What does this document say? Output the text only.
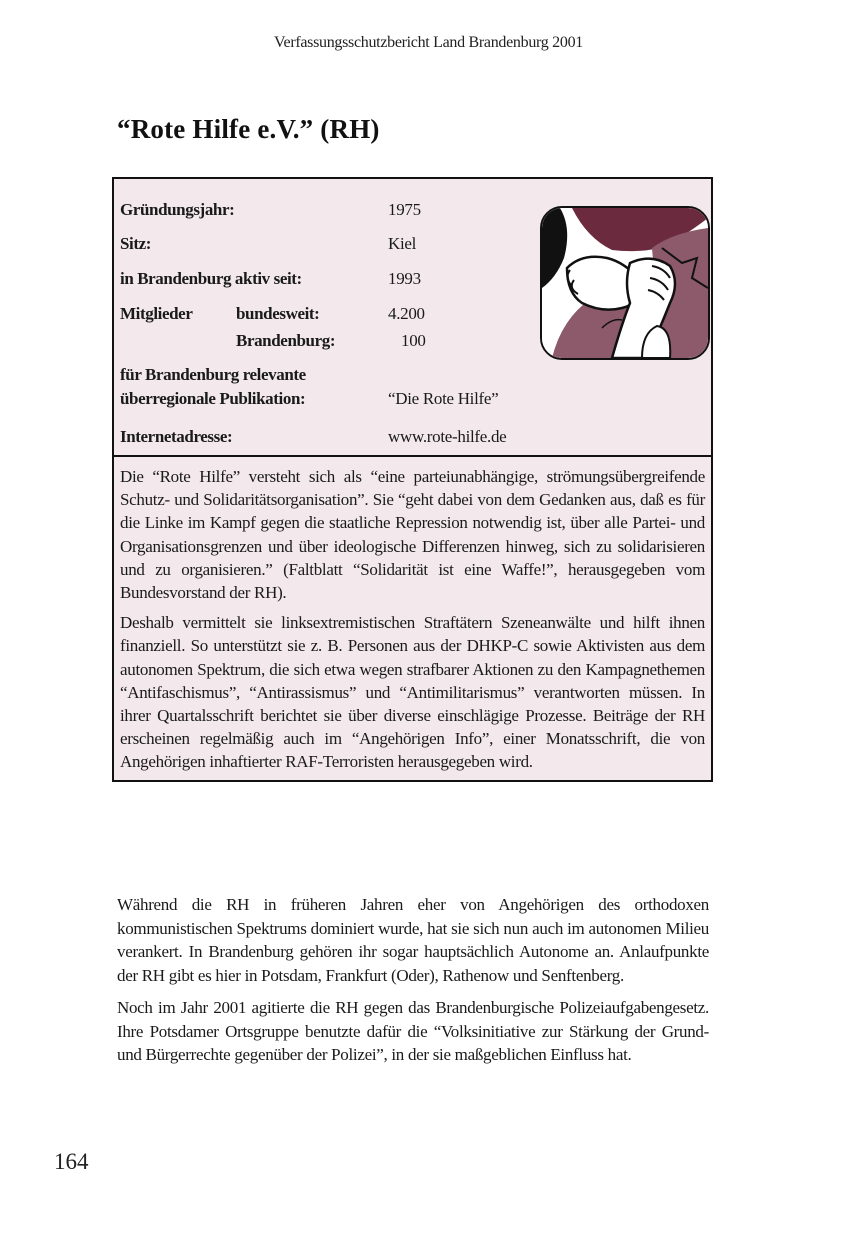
Verfassungsschutzbericht Land Brandenburg 2001
“Rote Hilfe e.V.” (RH)
Gründungsjahr:	1975
Sitz:	Kiel
in Brandenburg aktiv seit:	1993
Mitglieder	bundesweit:	4.200
Brandenburg:	100
für Brandenburg relevante
überregionale Publikation:	“Die Rote Hilfe”
Internetadresse:	www.rote-hilfe.de

Die “Rote Hilfe” versteht sich als “eine parteiunabhängige, strömungsübergreifende Schutz- und Solidaritätsorganisation”. Sie “geht dabei von dem Gedanken aus, daß es für die Linke im Kampf gegen die staatliche Repression notwendig ist, über alle Partei- und Organisationsgrenzen und über ideologische Differenzen hinweg, sich zu solidarisieren und zu organisieren.” (Faltblatt “Solidarität ist eine Waffe!”, herausgegeben vom Bundesvorstand der RH).

Deshalb vermittelt sie linksextremistischen Straftätern Szeneanwälte und hilft ihnen finanziell. So unterstützt sie z. B. Personen aus der DHKP-C sowie Aktivisten aus dem autonomen Spektrum, die sich etwa wegen strafbarer Aktionen zu den Kampagnethemen “Antifaschismus”, “Antirassismus” und “Antimilitarismus” verantworten müssen. In ihrer Quartalsschrift berichtet sie über diverse einschlägige Prozesse. Beiträge der RH erscheinen regelmäßig auch im “Angehörigen Info”, einer Monatsschrift, die von Angehörigen inhaftierter RAF-Terroristen herausgegeben wird.

Während die RH in früheren Jahren eher von Angehörigen des orthodoxen kommunistischen Spektrums dominiert wurde, hat sie sich nun auch im autonomen Milieu verankert. In Brandenburg gehören ihr sogar hauptsächlich Autonome an. Anlaufpunkte der RH gibt es hier in Potsdam, Frankfurt (Oder), Rathenow und Senftenberg.

Noch im Jahr 2001 agitierte die RH gegen das Brandenburgische Polizeiaufgabengesetz. Ihre Potsdamer Ortsgruppe benutzte dafür die “Volksinitiative zur Stärkung der Grund- und Bürgerrechte gegenüber der Polizei”, in der sie maßgeblichen Einfluss hat.

164
